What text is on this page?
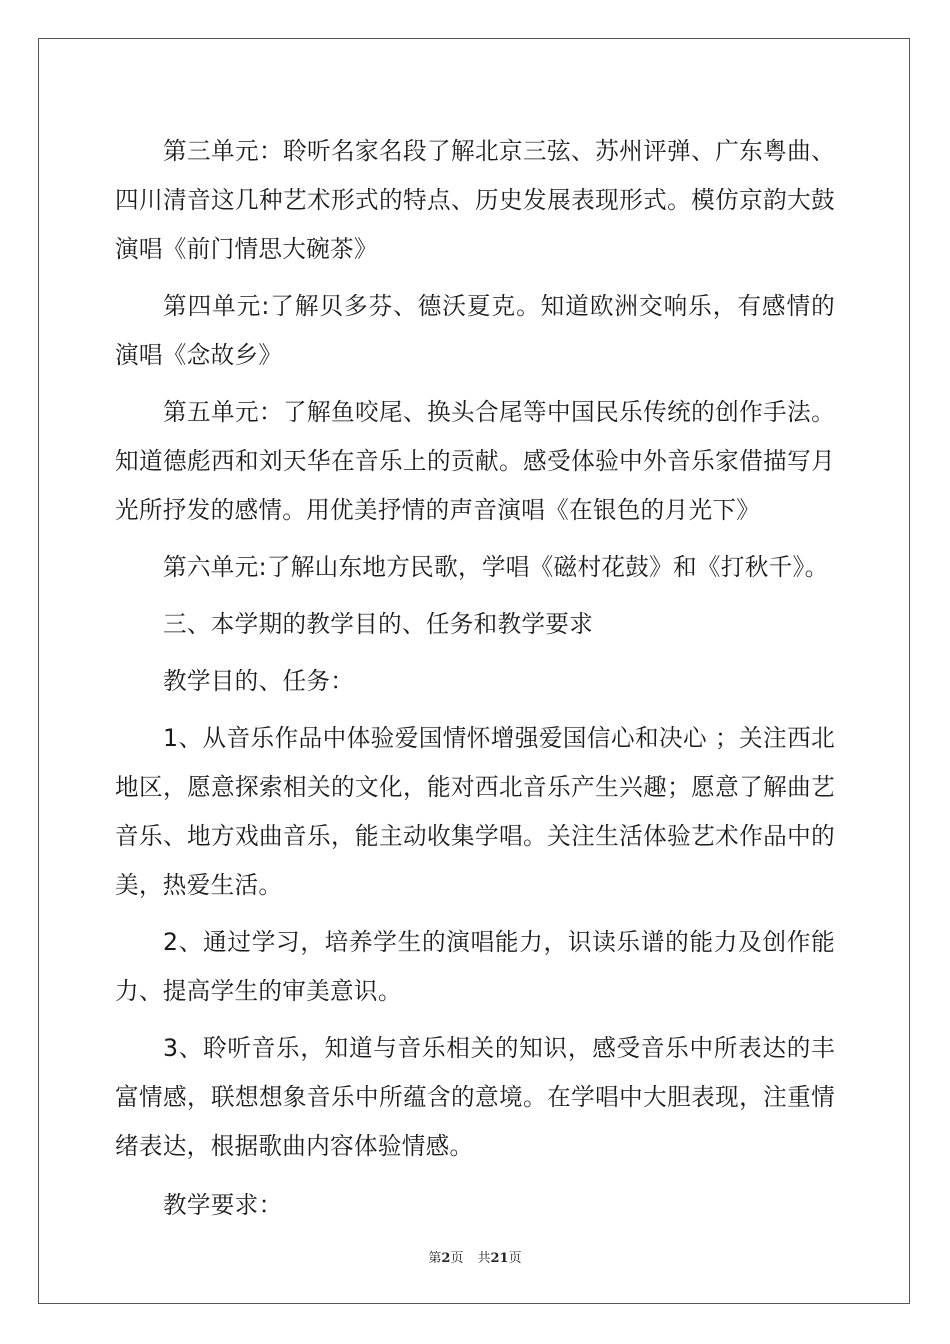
第三单元：聆听名家名段了解北京三弦、苏州评弹、广东粤曲、四川清音这几种艺术形式的特点、历史发展表现形式。模仿京韵大鼓演唱《前门情思大碗茶》

第四单元:了解贝多芬、德沃夏克。知道欧洲交响乐，有感情的演唱《念故乡》

第五单元：了解鱼咬尾、换头合尾等中国民乐传统的创作手法。知道德彪西和刘天华在音乐上的贡献。感受体验中外音乐家借描写月光所抒发的感情。用优美抒情的声音演唱《在银色的月光下》

第六单元:了解山东地方民歌，学唱《磁村花鼓》和《打秋千》。

三、本学期的教学目的、任务和教学要求

教学目的、任务：

1、从音乐作品中体验爱国情怀增强爱国信心和决心 ；关注西北地区，愿意探索相关的文化，能对西北音乐产生兴趣；愿意了解曲艺音乐、地方戏曲音乐，能主动收集学唱。关注生活体验艺术作品中的美，热爱生活。

2、通过学习，培养学生的演唱能力，识读乐谱的能力及创作能力、提高学生的审美意识。

3、聆听音乐，知道与音乐相关的知识，感受音乐中所表达的丰富情感，联想想象音乐中所蕴含的意境。在学唱中大胆表现，注重情绪表达，根据歌曲内容体验情感。

教学要求：

第2页 共21页
